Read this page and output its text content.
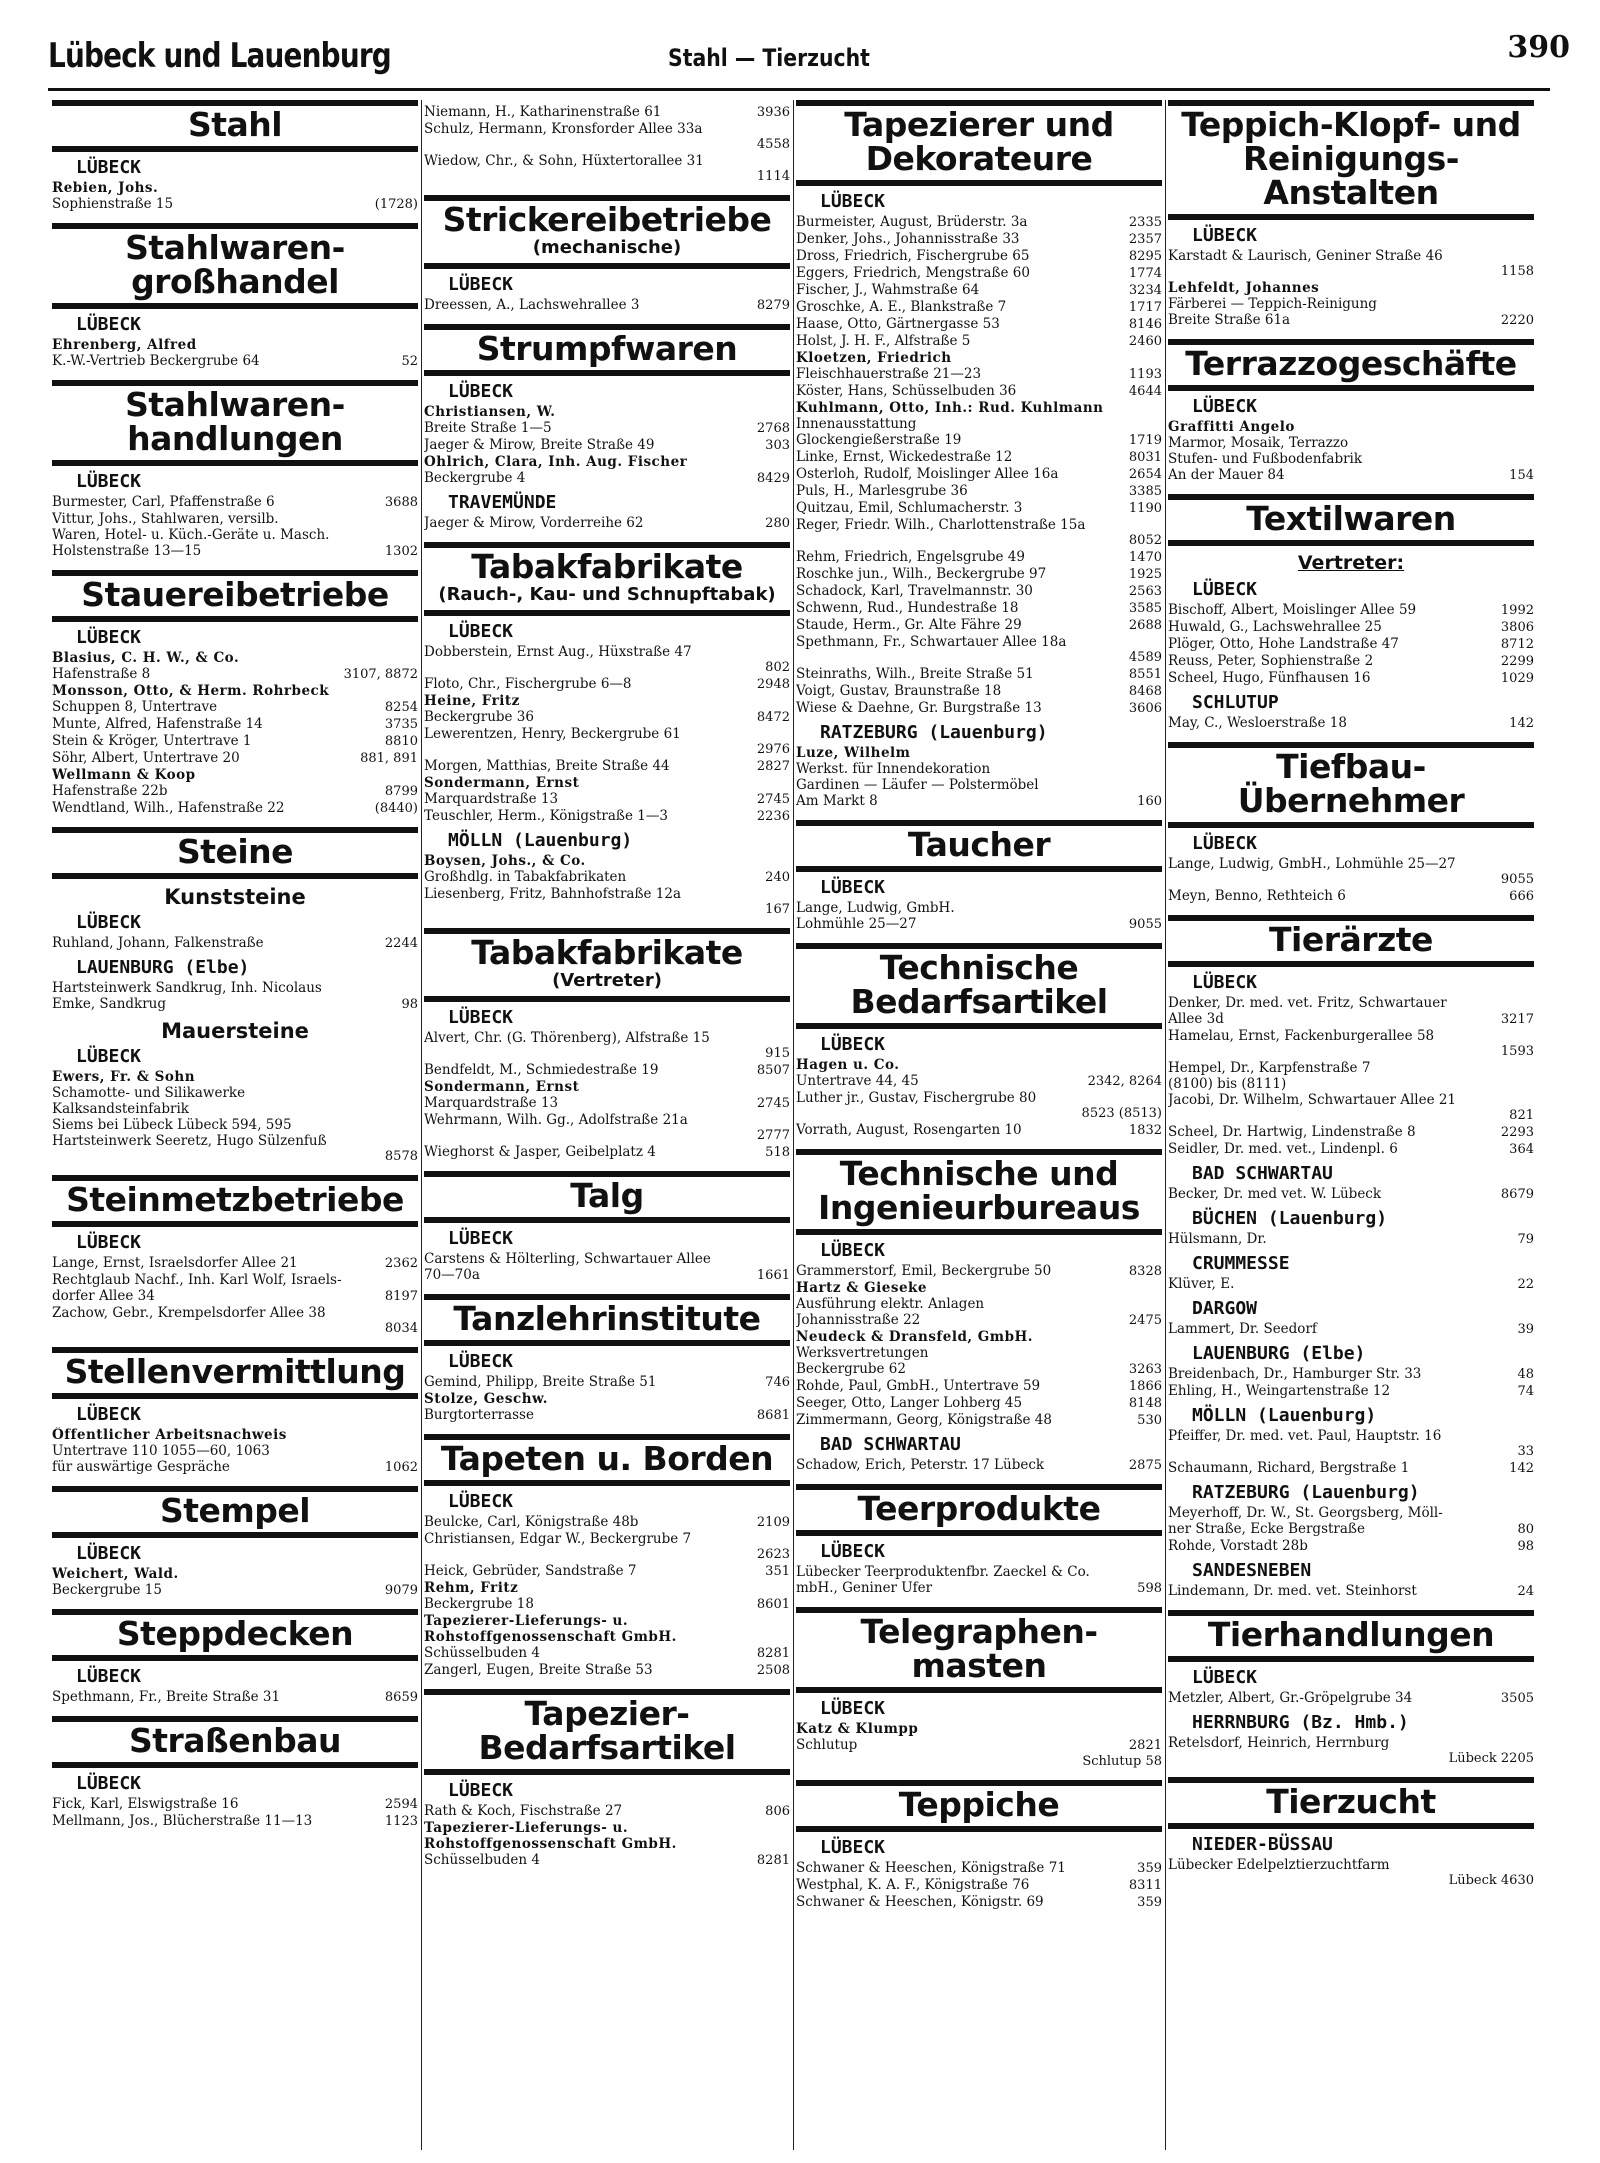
Lübeck und Lauenburg	Stahl — Tierzucht	390
Stahl
LÜBECK
Rebien, Johs.
Sophienstraße 15	(1728)
Stahlwaren-großhandel
LÜBECK
Ehrenberg, Alfred
K.-W.-Vertrieb Beckergrube 64	52
Stahlwaren-handlungen
LÜBECK
Burmester, Carl, Pfaffenstraße 6	3688
Vittur, Johs., Stahlwaren, versilb.
Waren, Hotel- u. Küch.-Geräte u. Masch.
Holstenstraße 13—15	1302
Stauereibetriebe
LÜBECK
Blasius, C. H. W., & Co.
Hafenstraße 8	3107, 8872
Monsson, Otto, & Herm. Rohrbeck
Schuppen 8, Untertrave	8254
Munte, Alfred, Hafenstraße 14	3735
Stein & Kröger, Untertrave 1	8810
Söhr, Albert, Untertrave 20	881, 891
Wellmann & Koop
Hafenstraße 22b	8799
Wendtland, Wilh., Hafenstraße 22	(8440)
Steine
Kunststeine
LÜBECK
Ruhland, Johann, Falkenstraße	2244
LAUENBURG (Elbe)
Hartsteinwerk Sandkrug, Inh. Nicolaus
Emke, Sandkrug	98
Mauersteine
LÜBECK
Ewers, Fr. & Sohn
Schamotte- und Silikawerke
Kalksandsteinfabrik
Siems bei Lübeck Lübeck 594, 595
Hartsteinwerk Seeretz, Hugo Sülzenfuß
8578
Steinmetzbetriebe
LÜBECK
Lange, Ernst, Israelsdorfer Allee 21	2362
Rechtglaub Nachf., Inh. Karl Wolf, Israels-
dorfer Allee 34	8197
Zachow, Gebr., Krempelsdorfer Allee 38
8034
Stellenvermittlung
LÜBECK
Öffentlicher Arbeitsnachweis
Untertrave 110 1055—60, 1063
für auswärtige Gespräche	1062
Stempel
LÜBECK
Weichert, Wald.
Beckergrube 15	9079
Steppdecken
LÜBECK
Spethmann, Fr., Breite Straße 31	8659
Straßenbau
LÜBECK
Fick, Karl, Elswigstraße 16	2594
Mellmann, Jos., Blücherstraße 11—13	1123
Niemann, H., Katharinenstraße 61	3936
Schulz, Hermann, Kronsforder Allee 33a
4558
Wiedow, Chr., & Sohn, Hüxtertorallee 31
1114
Strickereibetriebe
(mechanische)
LÜBECK
Dreessen, A., Lachswehrallee 3	8279
Strumpfwaren
LÜBECK
Christiansen, W.
Breite Straße 1—5	2768
Jaeger & Mirow, Breite Straße 49	303
Ohlrich, Clara, Inh. Aug. Fischer
Beckergrube 4	8429
TRAVEMÜNDE
Jaeger & Mirow, Vorderreihe 62	280
Tabakfabrikate
(Rauch-, Kau- und Schnupftabak)
LÜBECK
Dobberstein, Ernst Aug., Hüxstraße 47
802
Floto, Chr., Fischergrube 6—8	2948
Heine, Fritz
Beckergrube 36	8472
Lewerentzen, Henry, Beckergrube 61
2976
Morgen, Matthias, Breite Straße 44	2827
Sondermann, Ernst
Marquardstraße 13	2745
Teuschler, Herm., Königstraße 1—3	2236
MÖLLN (Lauenburg)
Boysen, Johs., & Co.
Großhdlg. in Tabakfabrikaten	240
Liesenberg, Fritz, Bahnhofstraße 12a
167
Tabakfabrikate
(Vertreter)
LÜBECK
Alvert, Chr. (G. Thörenberg), Alfstraße 15
915
Bendfeldt, M., Schmiedestraße 19	8507
Sondermann, Ernst
Marquardstraße 13	2745
Wehrmann, Wilh. Gg., Adolfstraße 21a
2777
Wieghorst & Jasper, Geibelplatz 4	518
Talg
LÜBECK
Carstens & Hölterling, Schwartauer Allee
70—70a	1661
Tanzlehrinstitute
LÜBECK
Gemind, Philipp, Breite Straße 51	746
Stolze, Geschw.
Burgtorterrasse	8681
Tapeten u. Borden
LÜBECK
Beulcke, Carl, Königstraße 48b	2109
Christiansen, Edgar W., Beckergrube 7
2623
Heick, Gebrüder, Sandstraße 7	351
Rehm, Fritz
Beckergrube 18	8601
Tapezierer-Lieferungs- u.
Rohstoffgenossenschaft GmbH.
Schüsselbuden 4	8281
Zangerl, Eugen, Breite Straße 53	2508
Tapezier-Bedarfsartikel
LÜBECK
Rath & Koch, Fischstraße 27	806
Tapezierer-Lieferungs- u.
Rohstoffgenossenschaft GmbH.
Schüsselbuden 4	8281
Tapezierer und Dekorateure
LÜBECK
Burmeister, August, Brüderstr. 3a	2335
Denker, Johs., Johannisstraße 33	2357
Dross, Friedrich, Fischergrube 65	8295
Eggers, Friedrich, Mengstraße 60	1774
Fischer, J., Wahmstraße 64	3234
Groschke, A. E., Blankstraße 7	1717
Haase, Otto, Gärtnergasse 53	8146
Holst, J. H. F., Alfstraße 5	2460
Kloetzen, Friedrich
Fleischhauerstraße 21—23	1193
Köster, Hans, Schüsselbuden 36	4644
Kuhlmann, Otto, Inh.: Rud. Kuhlmann
Innenausstattung
Glockengießerstraße 19	1719
Linke, Ernst, Wickedestraße 12	8031
Osterloh, Rudolf, Moislinger Allee 16a	2654
Puls, H., Marlesgrube 36	3385
Quitzau, Emil, Schlumacherstr. 3	1190
Reger, Friedr. Wilh., Charlottenstraße 15a
8052
Rehm, Friedrich, Engelsgrube 49	1470
Roschke jun., Wilh., Beckergrube 97	1925
Schadock, Karl, Travelmannstr. 30	2563
Schwenn, Rud., Hundestraße 18	3585
Staude, Herm., Gr. Alte Fähre 29	2688
Spethmann, Fr., Schwartauer Allee 18a
4589
Steinraths, Wilh., Breite Straße 51	8551
Voigt, Gustav, Braunstraße 18	8468
Wiese & Daehne, Gr. Burgstraße 13	3606
RATZEBURG (Lauenburg)
Luze, Wilhelm
Werkst. für Innendekoration
Gardinen — Läufer — Polstermöbel
Am Markt 8	160
Taucher
LÜBECK
Lange, Ludwig, GmbH.
Lohmühle 25—27	9055
Technische Bedarfsartikel
LÜBECK
Hagen u. Co.
Untertrave 44, 45	2342, 8264
Luther jr., Gustav, Fischergrube 80
8523 (8513)
Vorrath, August, Rosengarten 10	1832
Technische und Ingenieurbureaus
LÜBECK
Grammerstorf, Emil, Beckergrube 50	8328
Hartz & Gieseke
Ausführung elektr. Anlagen
Johannisstraße 22	2475
Neudeck & Dransfeld, GmbH.
Werksvertretungen
Beckergrube 62	3263
Rohde, Paul, GmbH., Untertrave 59	1866
Seeger, Otto, Langer Lohberg 45	8148
Zimmermann, Georg, Königstraße 48	530
BAD SCHWARTAU
Schadow, Erich, Peterstr. 17 Lübeck	2875
Teerprodukte
LÜBECK
Lübecker Teerproduktenfbr. Zaeckel & Co.
mbH., Geniner Ufer	598
Telegraphen-masten
LÜBECK
Katz & Klumpp
Schlutup	2821
Schlutup 58
Teppiche
LÜBECK
Schwaner & Heeschen, Königstraße 71	359
Westphal, K. A. F., Königstraße 76	8311
Schwaner & Heeschen, Königstr. 69	359
Teppich-Klopf- und Reinigungs-Anstalten
LÜBECK
Karstadt & Laurisch, Geniner Straße 46
1158
Lehfeldt, Johannes
Färberei — Teppich-Reinigung
Breite Straße 61a	2220
Terrazzogeschäfte
LÜBECK
Graffitti Angelo
Marmor, Mosaik, Terrazzo
Stufen- und Fußbodenfabrik
An der Mauer 84	154
Textilwaren
Vertreter:
LÜBECK
Bischoff, Albert, Moislinger Allee 59	1992
Huwald, G., Lachswehrallee 25	3806
Plöger, Otto, Hohe Landstraße 47	8712
Reuss, Peter, Sophienstraße 2	2299
Scheel, Hugo, Fünfhausen 16	1029
SCHLUTUP
May, C., Wesloerstraße 18	142
Tiefbau-Übernehmer
LÜBECK
Lange, Ludwig, GmbH., Lohmühle 25—27
9055
Meyn, Benno, Rethteich 6	666
Tierärzte
LÜBECK
Denker, Dr. med. vet. Fritz, Schwartauer
Allee 3d	3217
Hamelau, Ernst, Fackenburgerallee 58
1593
Hempel, Dr., Karpfenstraße 7
(8100) bis (8111)
Jacobi, Dr. Wilhelm, Schwartauer Allee 21
821
Scheel, Dr. Hartwig, Lindenstraße 8	2293
Seidler, Dr. med. vet., Lindenpl. 6	364
BAD SCHWARTAU
Becker, Dr. med vet. W. Lübeck	8679
BÜCHEN (Lauenburg)
Hülsmann, Dr.	79
CRUMMESSE
Klüver, E.	22
DARGOW
Lammert, Dr. Seedorf	39
LAUENBURG (Elbe)
Breidenbach, Dr., Hamburger Str. 33	48
Ehling, H., Weingartenstraße 12	74
MÖLLN (Lauenburg)
Pfeiffer, Dr. med. vet. Paul, Hauptstr. 16
33
Schaumann, Richard, Bergstraße 1	142
RATZEBURG (Lauenburg)
Meyerhoff, Dr. W., St. Georgsberg, Möll-
ner Straße, Ecke Bergstraße	80
Rohde, Vorstadt 28b	98
SANDESNEBEN
Lindemann, Dr. med. vet. Steinhorst	24
Tierhandlungen
LÜBECK
Metzler, Albert, Gr.-Gröpelgrube 34	3505
HERRNBURG (Bz. Hmb.)
Retelsdorf, Heinrich, Herrnburg
Lübeck 2205
Tierzucht
NIEDER-BÜSSAU
Lübecker Edelpelztierzuchtfarm
Lübeck 4630
